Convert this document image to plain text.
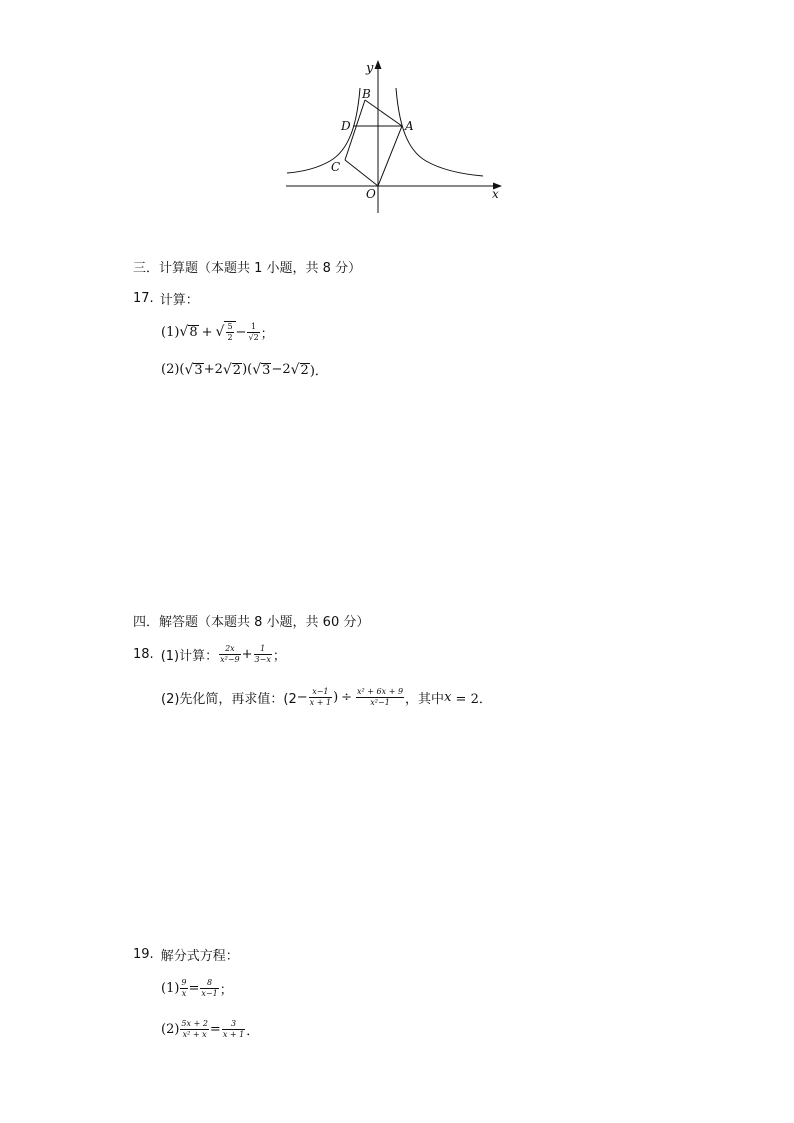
y
x
O
B
D	A
C
三．计算题（本题共 1 小题，共 8 分）
17. 计算：
(1) √ 8 + √ $\frac{5}{2} - \frac{1}{√2}$ ；
(2) ( √ 3 +2 √ 2 )( √ 3 −2 √ 2 )．
四．解答题（本题共 8 小题，共 60 分）
18. (1)计算： $\frac{2x}{\text{x²−9}} + \frac{1}{3-x}$ ；
(2)先化简，再求值：($2 - \frac{x-1}{x + 1}$ ) ÷ $\frac{\text{x² + 6x + 9}}{\text{x²−1}}$ ，其中 x = 2．
19. 解分式方程：
$(1) \frac{9}{x} = \frac{8}{x-1}$ ；
$(2) \frac{5x + 2}{\text{x² + x}} = \frac{3}{x + 1}$ ．
